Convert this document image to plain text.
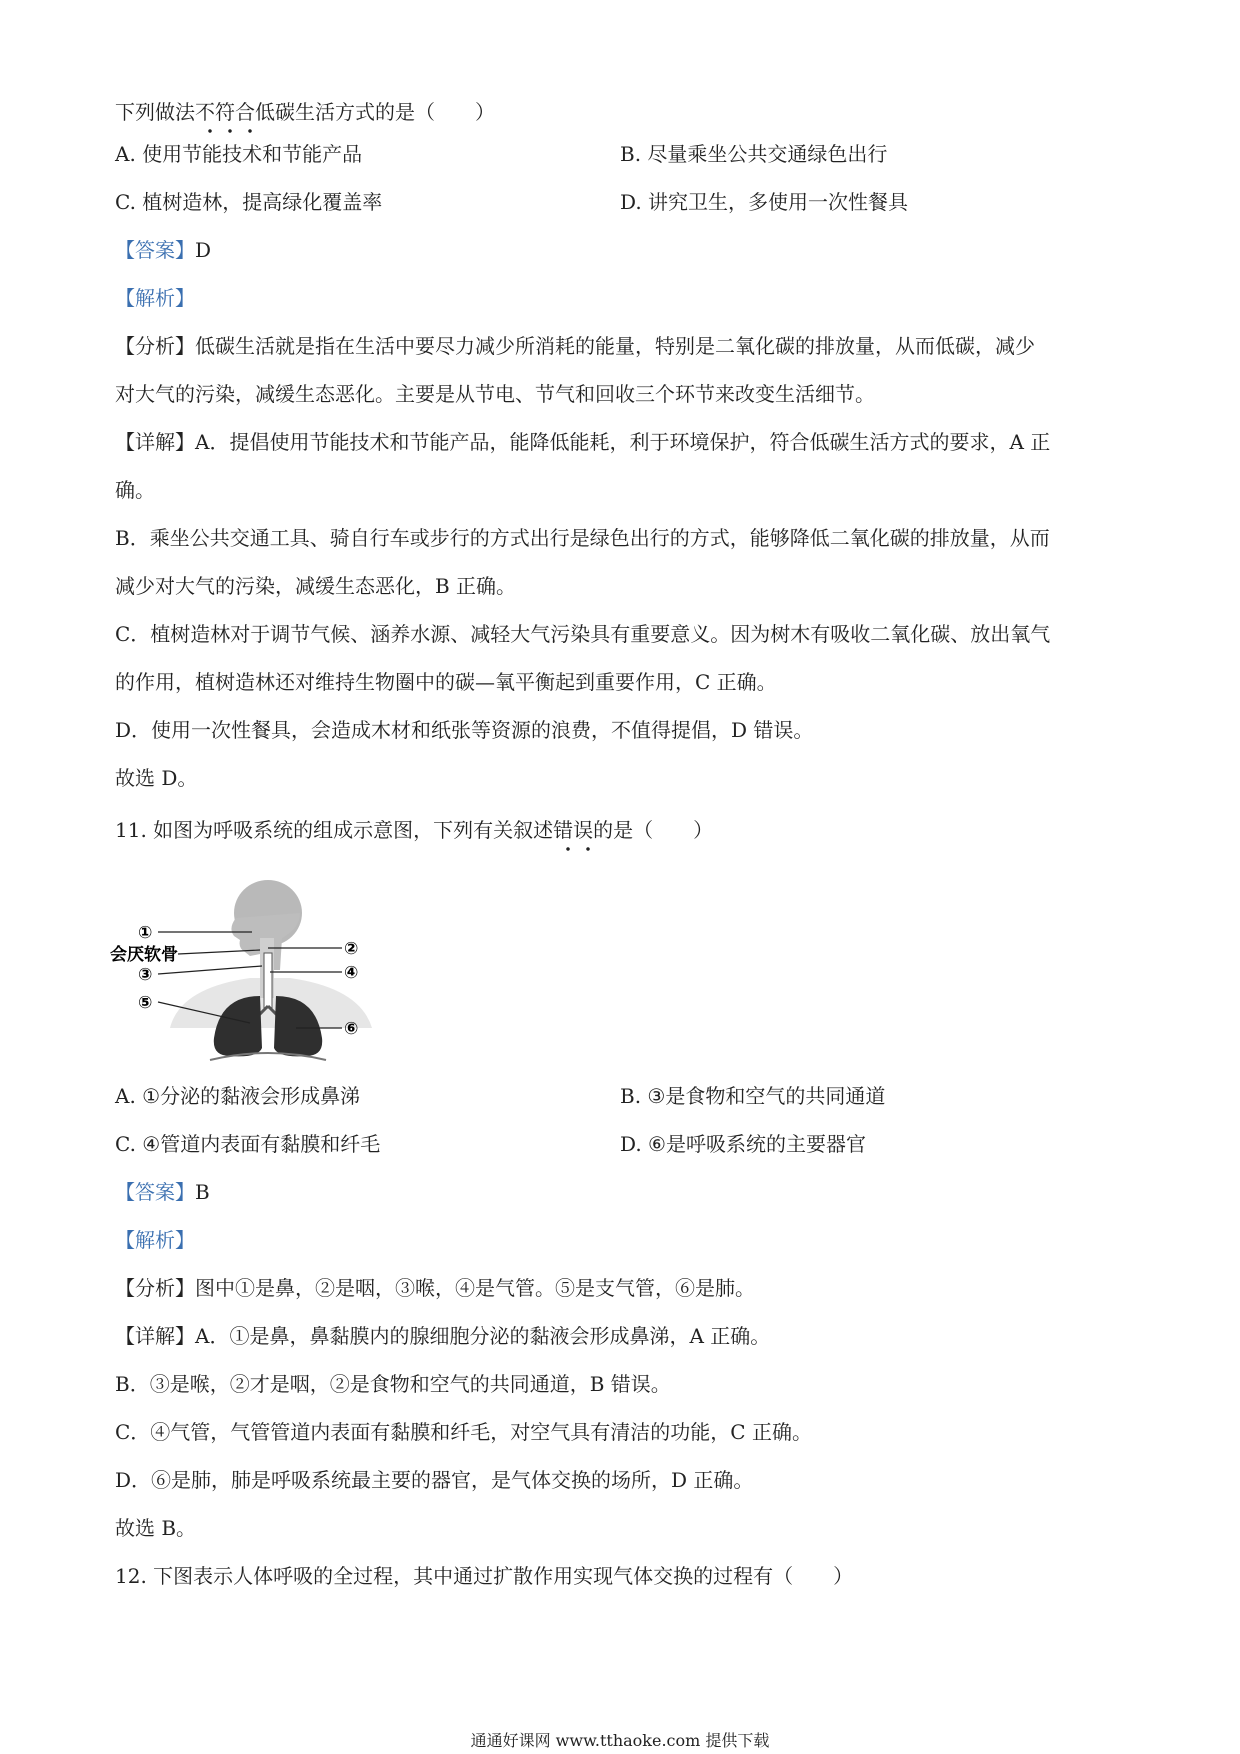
下列做法不符合
低碳生活方式的是（　　）
A. 使用节能技术和节能产品	B. 尽量乘坐公共交通绿色出行
C. 植树造林，提高绿化覆盖率	D. 讲究卫生，多使用一次性餐具
【答案】D
【解析】
【分析】低碳生活就是指在生活中要尽力减少所消耗的能量，特别是二氧化碳的排放量，从而低碳，减少
对大气的污染，减缓生态恶化。主要是从节电、节气和回收三个环节来改变生活细节。
【详解】A．提倡使用节能技术和节能产品，能降低能耗，利于环境保护，符合低碳生活方式的要求，A 正
确。
B．乘坐公共交通工具、骑自行车或步行的方式出行是绿色出行的方式，能够降低二氧化碳的排放量，从而
减少对大气的污染，减缓生态恶化，B 正确。
C．植树造林对于调节气候、涵养水源、减轻大气污染具有重要意义。因为树木有吸收二氧化碳、放出氧气
的作用，植树造林还对维持生物圈中的碳—氧平衡起到重要作用，C 正确。
D．使用一次性餐具，会造成木材和纸张等资源的浪费，不值得提倡，D 错误。
故选 D。
11. 如图为呼吸系统的组成示意图，下列有关叙述错误
的是（　　）
①
会厌软骨	②
③	④
⑤
⑥
A. ①分泌的黏液会形成鼻涕	B. ③是食物和空气的共同通道
C. ④管道内表面有黏膜和纤毛	D. ⑥是呼吸系统的主要器官
【答案】B
【解析】
【分析】图中①是鼻，②是咽，③喉，④是气管。⑤是支气管，⑥是肺。
【详解】A．①是鼻，鼻黏膜内的腺细胞分泌的黏液会形成鼻涕，A 正确。
B．③是喉，②才是咽，②是食物和空气的共同通道，B 错误。
C．④气管，气管管道内表面有黏膜和纤毛，对空气具有清洁的功能，C 正确。
D．⑥是肺，肺是呼吸系统最主要的器官，是气体交换的场所，D 正确。
故选 B。
12. 下图表示人体呼吸的全过程，其中通过扩散作用实现气体交换的过程有（　　）
通通好课网 www.tthaoke.com 提供下载
